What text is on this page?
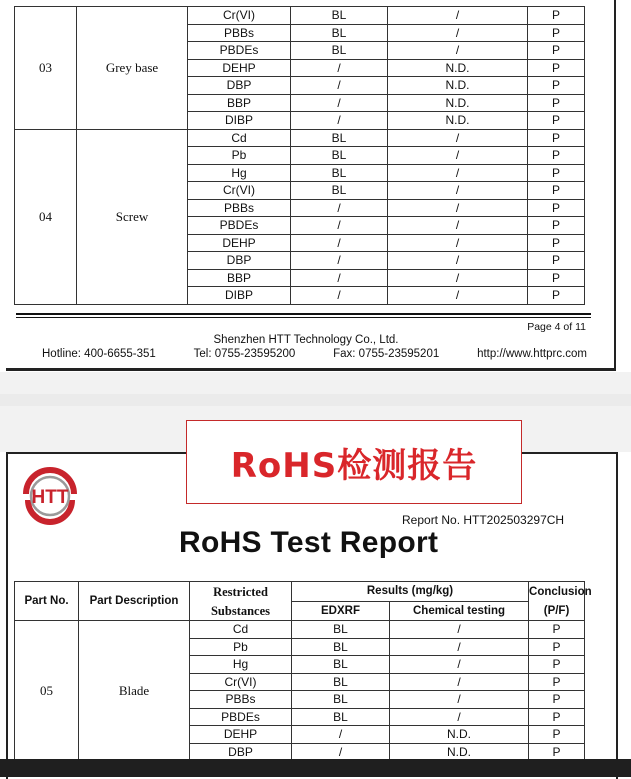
03	Grey base	Cr(VI)	BL	/	P
		PBBs	BL	/	P
		PBDEs	BL	/	P
		DEHP	/	N.D.	P
		DBP	/	N.D.	P
		BBP	/	N.D.	P
		DIBP	/	N.D.	P
04	Screw	Cd	BL	/	P
		Pb	BL	/	P
		Hg	BL	/	P
		Cr(VI)	BL	/	P
		PBBs	/	/	P
		PBDEs	/	/	P
		DEHP	/	/	P
		DBP	/	/	P
		BBP	/	/	P
		DIBP	/	/	P
Page 4 of 11
Shenzhen HTT Technology Co., Ltd.
Hotline: 400-6655-351	Tel: 0755-23595200	Fax: 0755-23595201	http://www.httprc.com
RoHS检测报告
Part No.	Part Description	Restricted	Results (mg/kg)		Conclusion
		Substances	EDXRF	Chemical testing	(P/F)
05	Blade	Cd	BL	/	P
		Pb	BL	/	P
		Hg	BL	/	P
		Cr(VI)	BL	/	P
		PBBs	BL	/	P
		PBDEs	BL	/	P
		DEHP	/	N.D.	P
		DBP	/	N.D.	P
Report No. HTT202503297CH
RoHS Test Report
HTT
